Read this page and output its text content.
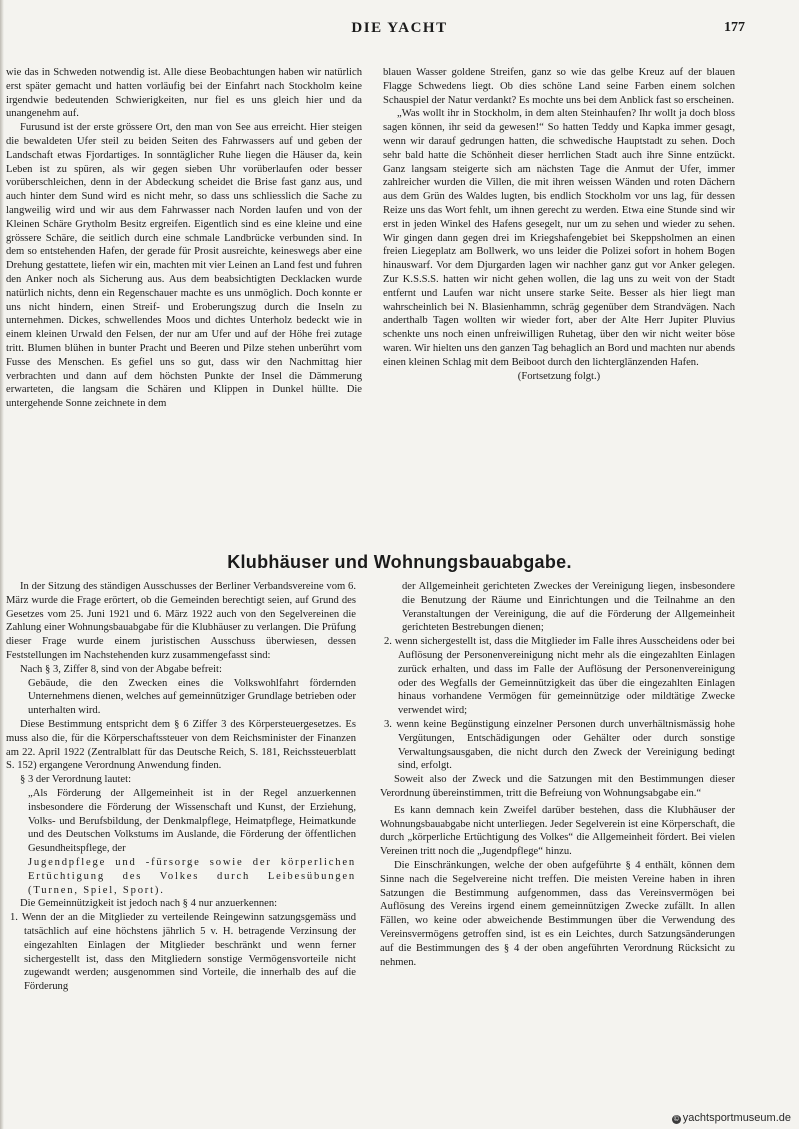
DIE YACHT	177

wie das in Schweden notwendig ist. Alle diese Beobachtungen haben wir natürlich erst später gemacht und hatten vorläufig bei der Einfahrt nach Stockholm keine irgendwie bedeutenden Schwierigkeiten, nur fiel es uns gleich hier und da unangenehm auf.

Furusund ist der erste grössere Ort, den man von See aus erreicht. Hier steigen die bewaldeten Ufer steil zu beiden Seiten des Fahrwassers auf und geben der Landschaft etwas Fjordartiges. In sonntäglicher Ruhe liegen die Häuser da, kein Leben ist zu spüren, als wir gegen sieben Uhr vorüberlaufen oder besser vorüberschleichen, denn in der Abdeckung scheidet die Brise fast ganz aus, und auch hinter dem Sund wird es nicht mehr, so dass uns schliesslich die Sache zu langweilig wird und wir aus dem Fahrwasser nach Norden laufen und von der Kleinen Schäre Grytholm Besitz ergreifen. Eigentlich sind es eine kleine und eine grössere Schäre, die seitlich durch eine schmale Landbrücke verbunden sind. In dem so entstehenden Hafen, der gerade für Prosit ausreichte, keineswegs aber eine Drehung gestattete, liefen wir ein, machten mit vier Leinen an Land fest und fuhren den Anker noch als Sicherung aus. Aus dem beabsichtigten Decklacken wurde natürlich nichts, denn ein Regenschauer machte es uns unmöglich. Doch konnte er uns nicht hindern, einen Streif- und Eroberungszug durch die Inseln zu unternehmen. Dickes, schwellendes Moos und dichtes Unterholz bedeckt wie in einem kleinen Urwald den Felsen, der nur am Ufer und auf der Höhe frei zutage tritt. Blumen blühen in bunter Pracht und Beeren und Pilze stehen unberührt vom Fusse des Menschen. Es gefiel uns so gut, dass wir den Nachmittag hier verbrachten und dann auf dem höchsten Punkte der Insel die Dämmerung erwarteten, die langsam die Schären und Klippen in Dunkel hüllte. Die untergehende Sonne zeichnete in dem

blauen Wasser goldene Streifen, ganz so wie das gelbe Kreuz auf der blauen Flagge Schwedens liegt. Ob dies schöne Land seine Farben einem solchen Schauspiel der Natur verdankt? Es mochte uns bei dem Anblick fast so erscheinen.

„Was wollt ihr in Stockholm, in dem alten Steinhaufen? Ihr wollt ja doch bloss sagen können, ihr seid da gewesen!“ So hatten Teddy und Kapka immer gesagt, wenn wir darauf gedrungen hatten, die schwedische Hauptstadt zu sehen. Doch sehr bald hatte die Schönheit dieser herrlichen Stadt auch ihre Sinne entzückt. Ganz langsam steigerte sich am nächsten Tage die Anmut der Ufer, immer zahlreicher wurden die Villen, die mit ihren weissen Wänden und roten Dächern aus dem Grün des Waldes lugten, bis endlich Stockholm vor uns lag, für dessen Reize uns das Wort fehlt, um ihnen gerecht zu werden. Etwa eine Stunde sind wir erst in jeden Winkel des Hafens gesegelt, nur um zu sehen und wieder zu sehen. Wir gingen dann gegen drei im Kriegshafengebiet bei Skeppsholmen an einen freien Liegeplatz am Bollwerk, wo uns leider die Polizei sofort in hohem Bogen hinauswarf. Vor dem Djurgarden lagen wir nachher ganz gut vor Anker gelegen. Zur K.S.S.S. hatten wir nicht gehen wollen, die lag uns zu weit von der Stadt entfernt und Laufen war nicht unsere starke Seite. Besser als hier liegt man wahrscheinlich bei N. Blasienhammn, schräg gegenüber dem Strandvägen. Nach anderthalb Tagen wollten wir wieder fort, aber der Alte Herr Jupiter Pluvius schenkte uns noch einen unfreiwilligen Ruhetag, über den wir nicht weiter böse waren. Wir hielten uns den ganzen Tag behaglich an Bord und machten nur abends einen kleinen Schlag mit dem Beiboot durch den lichterglänzenden Hafen.

(Fortsetzung folgt.)

Klubhäuser und Wohnungsbauabgabe.

In der Sitzung des ständigen Ausschusses der Berliner Verbandsvereine vom 6. März wurde die Frage erörtert, ob die Gemeinden berechtigt seien, auf Grund des Gesetzes vom 25. Juni 1921 und 6. März 1922 auch von den Segelvereinen die Zahlung einer Wohnungsbauabgabe für die Klubhäuser zu verlangen. Die Prüfung dieser Frage wurde einem juristischen Ausschuss überwiesen, dessen Feststellungen im Nachstehenden kurz zusammengefasst sind:

Nach § 3, Ziffer 8, sind von der Abgabe befreit:

Gebäude, die den Zwecken eines die Volkswohlfahrt fördernden Unternehmens dienen, welches auf gemeinnütziger Grundlage betrieben oder unterhalten wird.

Diese Bestimmung entspricht dem § 6 Ziffer 3 des Körpersteuergesetzes. Es muss also die, für die Körperschaftssteuer von dem Reichsminister der Finanzen am 22. April 1922 (Zentralblatt für das Deutsche Reich, S. 181, Reichssteuerblatt S. 152) ergangene Verordnung Anwendung finden.

§ 3 der Verordnung lautet:

„Als Förderung der Allgemeinheit ist in der Regel anzuerkennen insbesondere die Förderung der Wissenschaft und Kunst, der Erziehung, Volks- und Berufsbildung, der Denkmalpflege, Heimatpflege, Heimatkunde und des Deutschen Volkstums im Auslande, die Förderung der öffentlichen Gesundheitspflege, der

Jugendpflege und -fürsorge sowie der körperlichen Ertüchtigung des Volkes durch Leibesübungen (Turnen, Spiel, Sport).

Die Gemeinnützigkeit ist jedoch nach § 4 nur anzuerkennen:

1. Wenn der an die Mitglieder zu verteilende Reingewinn satzungsgemäss und tatsächlich auf eine höchstens jährlich 5 v. H. betragende Verzinsung der eingezahlten Einlagen der Mitglieder beschränkt und wenn ferner sichergestellt ist, dass den Mitgliedern sonstige Vermögensvorteile nicht zugewandt werden; ausgenommen sind Vorteile, die innerhalb des auf die Förderung

der Allgemeinheit gerichteten Zweckes der Vereinigung liegen, insbesondere die Benutzung der Räume und Einrichtungen und die Teilnahme an den Veranstaltungen der Vereinigung, die auf die Förderung der Allgemeinheit gerichteten Bestrebungen dienen;

2. wenn sichergestellt ist, dass die Mitglieder im Falle ihres Ausscheidens oder bei Auflösung der Personenvereinigung nicht mehr als die eingezahlten Einlagen zurück erhalten, und dass im Falle der Auflösung der Personenvereinigung oder des Wegfalls der Gemeinnützigkeit das über die eingezahlten Einlagen hinaus vorhandene Vermögen für gemeinnützige oder mildtätige Zwecke verwendet wird;

3. wenn keine Begünstigung einzelner Personen durch unverhältnismässig hohe Vergütungen, Entschädigungen oder Gehälter oder durch sonstige Verwaltungsausgaben, die nicht durch den Zweck der Vereinigung bedingt sind, erfolgt.

Soweit also der Zweck und die Satzungen mit den Bestimmungen dieser Verordnung übereinstimmen, tritt die Befreiung von Wohnungsabgabe ein.“

Es kann demnach kein Zweifel darüber bestehen, dass die Klubhäuser der Wohnungsbauabgabe nicht unterliegen. Jeder Segelverein ist eine Körperschaft, die durch „körperliche Ertüchtigung des Volkes“ die Allgemeinheit fördert. Bei vielen Vereinen tritt noch die „Jugendpflege“ hinzu.

Die Einschränkungen, welche der oben aufgeführte § 4 enthält, können dem Sinne nach die Segelvereine nicht treffen. Die meisten Vereine haben in ihren Satzungen die Bestimmung aufgenommen, dass das Vereinsvermögen bei Auflösung des Vereins irgend einem gemeinnützigen Zwecke zufällt. In allen Fällen, wo keine oder abweichende Bestimmungen über die Verwendung des Vereinsvermögens getroffen sind, ist es ein Leichtes, durch Satzungsänderungen auf die Bestimmungen des § 4 der oben angeführten Verordnung Rücksicht zu nehmen.

© yachtsportmuseum.de
